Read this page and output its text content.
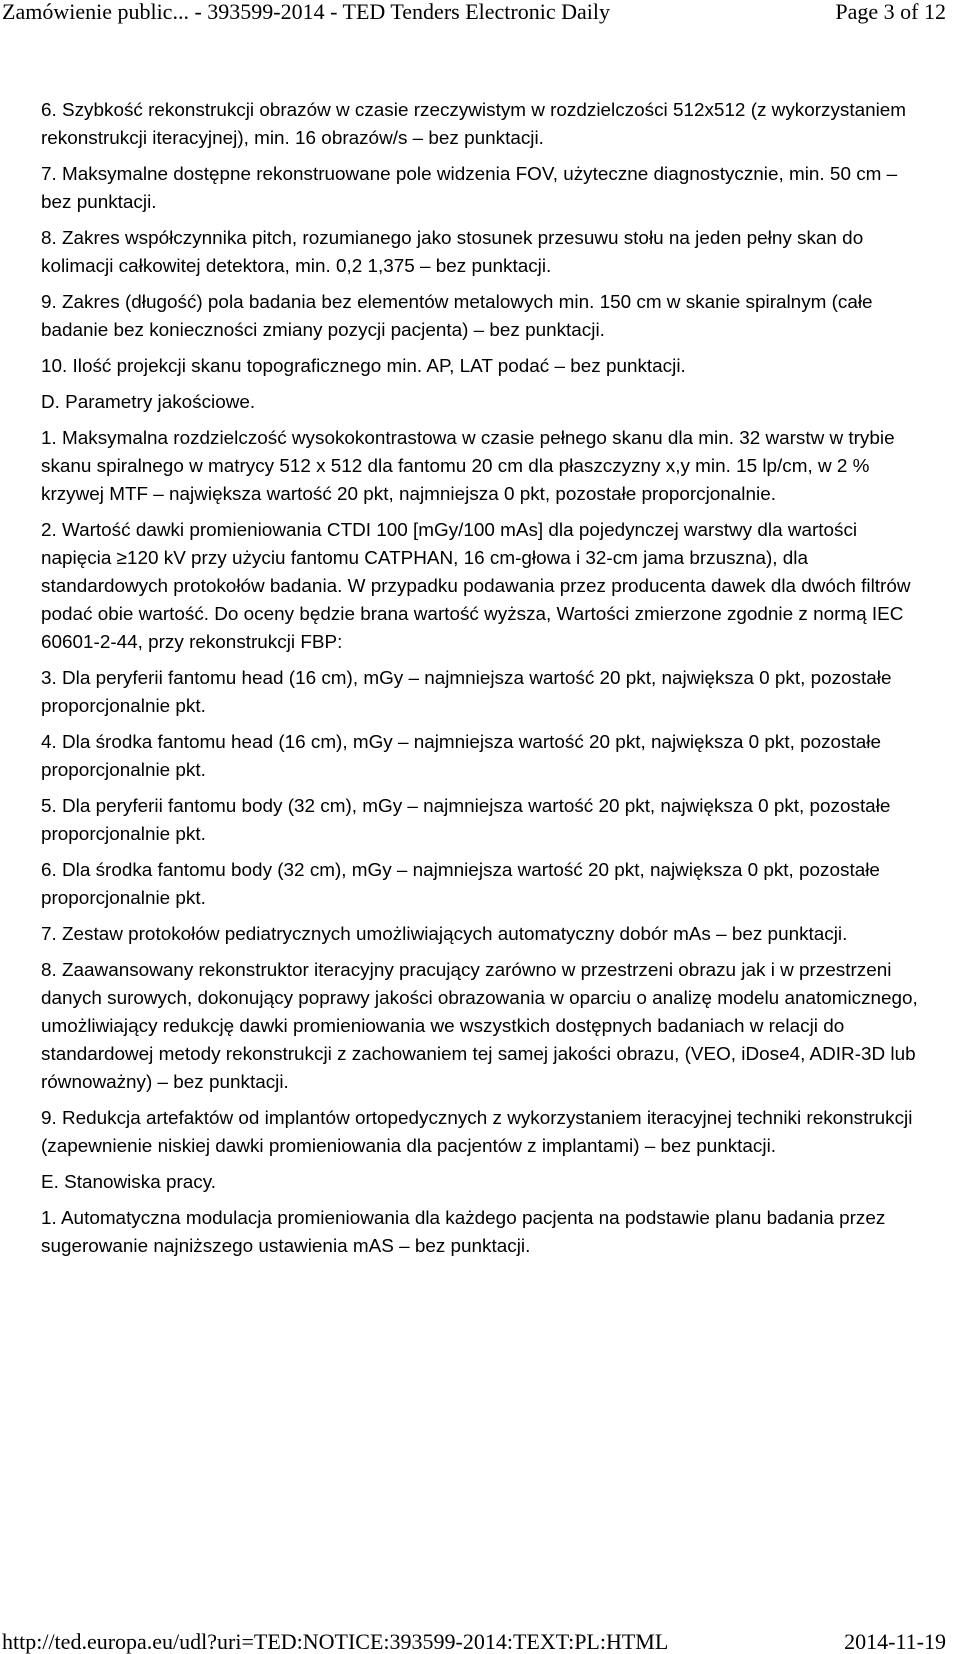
Zamówienie public... - 393599-2014 - TED Tenders Electronic Daily	Page 3 of 12

6. Szybkość rekonstrukcji obrazów w czasie rzeczywistym w rozdzielczości 512x512 (z wykorzystaniem rekonstrukcji iteracyjnej), min. 16 obrazów/s – bez punktacji.

7. Maksymalne dostępne rekonstruowane pole widzenia FOV, użyteczne diagnostycznie, min. 50 cm – bez punktacji.

8. Zakres współczynnika pitch, rozumianego jako stosunek przesuwu stołu na jeden pełny skan do kolimacji całkowitej detektora, min. 0,2 1,375 – bez punktacji.

9. Zakres (długość) pola badania bez elementów metalowych min. 150 cm w skanie spiralnym (całe badanie bez konieczności zmiany pozycji pacjenta) – bez punktacji.

10. Ilość projekcji skanu topograficznego min. AP, LAT podać – bez punktacji.

D. Parametry jakościowe.

1. Maksymalna rozdzielczość wysokokontrastowa w czasie pełnego skanu dla min. 32 warstw w trybie skanu spiralnego w matrycy 512 x 512 dla fantomu 20 cm dla płaszczyzny x,y min. 15 lp/cm, w 2 % krzywej MTF – największa wartość 20 pkt, najmniejsza 0 pkt, pozostałe proporcjonalnie.

2. Wartość dawki promieniowania CTDI 100 [mGy/100 mAs] dla pojedynczej warstwy dla wartości napięcia ≥120 kV przy użyciu fantomu CATPHAN, 16 cm-głowa i 32-cm jama brzuszna), dla standardowych protokołów badania. W przypadku podawania przez producenta dawek dla dwóch filtrów podać obie wartość. Do oceny będzie brana wartość wyższa, Wartości zmierzone zgodnie z normą IEC 60601-2-44, przy rekonstrukcji FBP:

3. Dla peryferii fantomu head (16 cm), mGy – najmniejsza wartość 20 pkt, największa 0 pkt, pozostałe proporcjonalnie pkt.

4. Dla środka fantomu head (16 cm), mGy – najmniejsza wartość 20 pkt, największa 0 pkt, pozostałe proporcjonalnie pkt.

5. Dla peryferii fantomu body (32 cm), mGy – najmniejsza wartość 20 pkt, największa 0 pkt, pozostałe proporcjonalnie pkt.

6. Dla środka fantomu body (32 cm), mGy – najmniejsza wartość 20 pkt, największa 0 pkt, pozostałe proporcjonalnie pkt.

7. Zestaw protokołów pediatrycznych umożliwiających automatyczny dobór mAs – bez punktacji.

8. Zaawansowany rekonstruktor iteracyjny pracujący zarówno w przestrzeni obrazu jak i w przestrzeni danych surowych, dokonujący poprawy jakości obrazowania w oparciu o analizę modelu anatomicznego, umożliwiający redukcję dawki promieniowania we wszystkich dostępnych badaniach w relacji do standardowej metody rekonstrukcji z zachowaniem tej samej jakości obrazu, (VEO, iDose4, ADIR-3D lub równoważny) – bez punktacji.

9. Redukcja artefaktów od implantów ortopedycznych z wykorzystaniem iteracyjnej techniki rekonstrukcji (zapewnienie niskiej dawki promieniowania dla pacjentów z implantami) – bez punktacji.

E. Stanowiska pracy.

1. Automatyczna modulacja promieniowania dla każdego pacjenta na podstawie planu badania przez sugerowanie najniższego ustawienia mAS – bez punktacji.

http://ted.europa.eu/udl?uri=TED:NOTICE:393599-2014:TEXT:PL:HTML	2014-11-19
